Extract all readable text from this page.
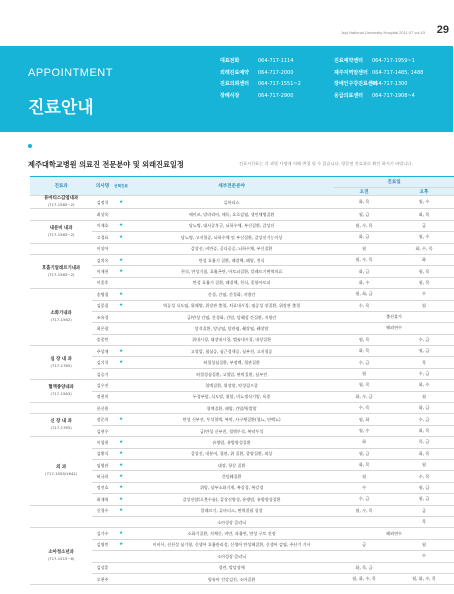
Jeju National University Hospital 2011.07 vol.43 29
APPOINTMENT
진료안내
대표전화	064-717-1114	진료예약센터	064-717-1959~1
외래진료예약	064-717-2000	제주지역암센터 064-717-1485, 1488
진료의뢰센터	064-717-1551~2	장애인구강진료센터
064-717-1300
장례식장	064-717-2900	응급의료센터	064-717-1908~4
제주대학교병원 의료진 전문분야 및 외래진료일정	진료시간표는 각 과별 사정에 의해 변경 될 수 있습니다. 방문전 진료과로 확인 하시기 바랍니다.
진료과	의사명	선택진료	세부전문분야	진료일	
				오전	오후

류마티스감염내과
(717-1565~2)	김정석	★	류마티스	화, 목	월, 수

	최상욱		에이즈, 말라리아, 매독, 요로감염, 생인체병질환	월, 금	화, 목

내분비 내과
(717-1565~2)	이재호	★	당뇨병, 대사증후군, 뇌하수체, 부신질환, 갑상선	월, 수, 목	금
	고경표	★	당뇨병, 고지혈증, 뇌하수체 및 부신질환, 갑상선기능이상	화, 금	월, 수

	이상아		갑상선, 비만증, 골다공증, 뇌하수체, 부신질환	월	화, 수, 목

호흡기알레르기내과
(717-1565~2)	김치욱	★	만성 호흡기 질환, 폐결핵, 폐암, 천식	월, 수, 목	화
	이재천	★	천식, 만성기침, 호흡곤란, 아토피질환, 알레르기면역치료	화, 금	월, 목
	이종후		만성 호흡기 질환, 폐결핵, 천식, 종합아토피	화, 수	월, 목

소화기내과
(717-1562)	송병철	★	간경, 간염, 간경화, 지방간	월, 화, 금	수
	김종집	★	역류성 식도염, 위궤양, 위장관 출혈, 치료내시경, 염증성 장질환, 위장관 출혈	수, 목	월
	조유경		급/만성 간염, 간경화, 간암, 담췌성 간질환, 지방간	출산휴가	
	최은광		담석질환, 담낭염, 담관염, 췌장염, 췌장암	해외연수	
	송종민		위내시경, 대장내시경, 캡슐내시경, 내장질환	월, 목	수, 금

심 장 내 과
(717-1765)	주상재	★	고혈압, 협심증, 심근경색증, 심부전, 고지혈증	화, 목	월, 금
	김기석	★	허혈성심질환, 부정맥, 혈관질환	수, 금	목
	김승기		허혈성심질환, 고혈압, 판막질환, 심부전	월	수, 금

혈액종양내과
(717-1563)	김우진		혈액질환, 위장암, 악성림프종	월, 목	화, 수
	정현미		두경부암, 식도암, 위암, 비뇨생식기암, 육종	화, 수, 금	월

	한신원		혈액질환, 폐암, 간암/원발암	수, 목	화, 금

신 장 내 과
(717-1765)	장준희	★	만성 신부전, 투석혈액, 복막, 사구체질환(혈뇨, 단백뇨)	월, 화	수, 금
	김현우		급/만성 신부전, 혈액투석, 복막투석	월, 수	화, 목

외 과
(717-1559/1642)	이철현	★	유방암, 유방양성질환	화	목, 금
	김황식	★	갑상선, 내분비, 혈관, 위 질환, 종양질환, 외상	월, 금	화, 목
	임영관	★	대장, 항문 질환	화, 목	월
	허규희	★	간담췌질환	월	수, 목
	정진호	★	위암, 상부소화기계, 복강경, 복강경	수	월, 금
	최재혁	★	갑상선암(로봇수술), 갑상선양성, 유방암, 유방양성질환	수, 금	월, 금

	신경수	★	알레르기, 류마티스, 면역결핍 성장	월, 수, 목	금
			소아성장 클리닉		목

소아청소년과
(717-1515~6)	김가수	★	소화기질환, 저체중, 비만, 과흡연, 만성 구토 진정	해외연수	
	김영민	★	이비사, 선천성 심기형, 신생아 호흡관리성, 신생아 만성폐질환, 신생아 감염, 주산기 기사	금	월
			소아성장 클리닉		수
	김상훈		경련, 발달장애	화, 목, 금	
	오현주		영유아 건강검진, 소아질환	월, 화, 수, 목	월, 화, 수, 목
